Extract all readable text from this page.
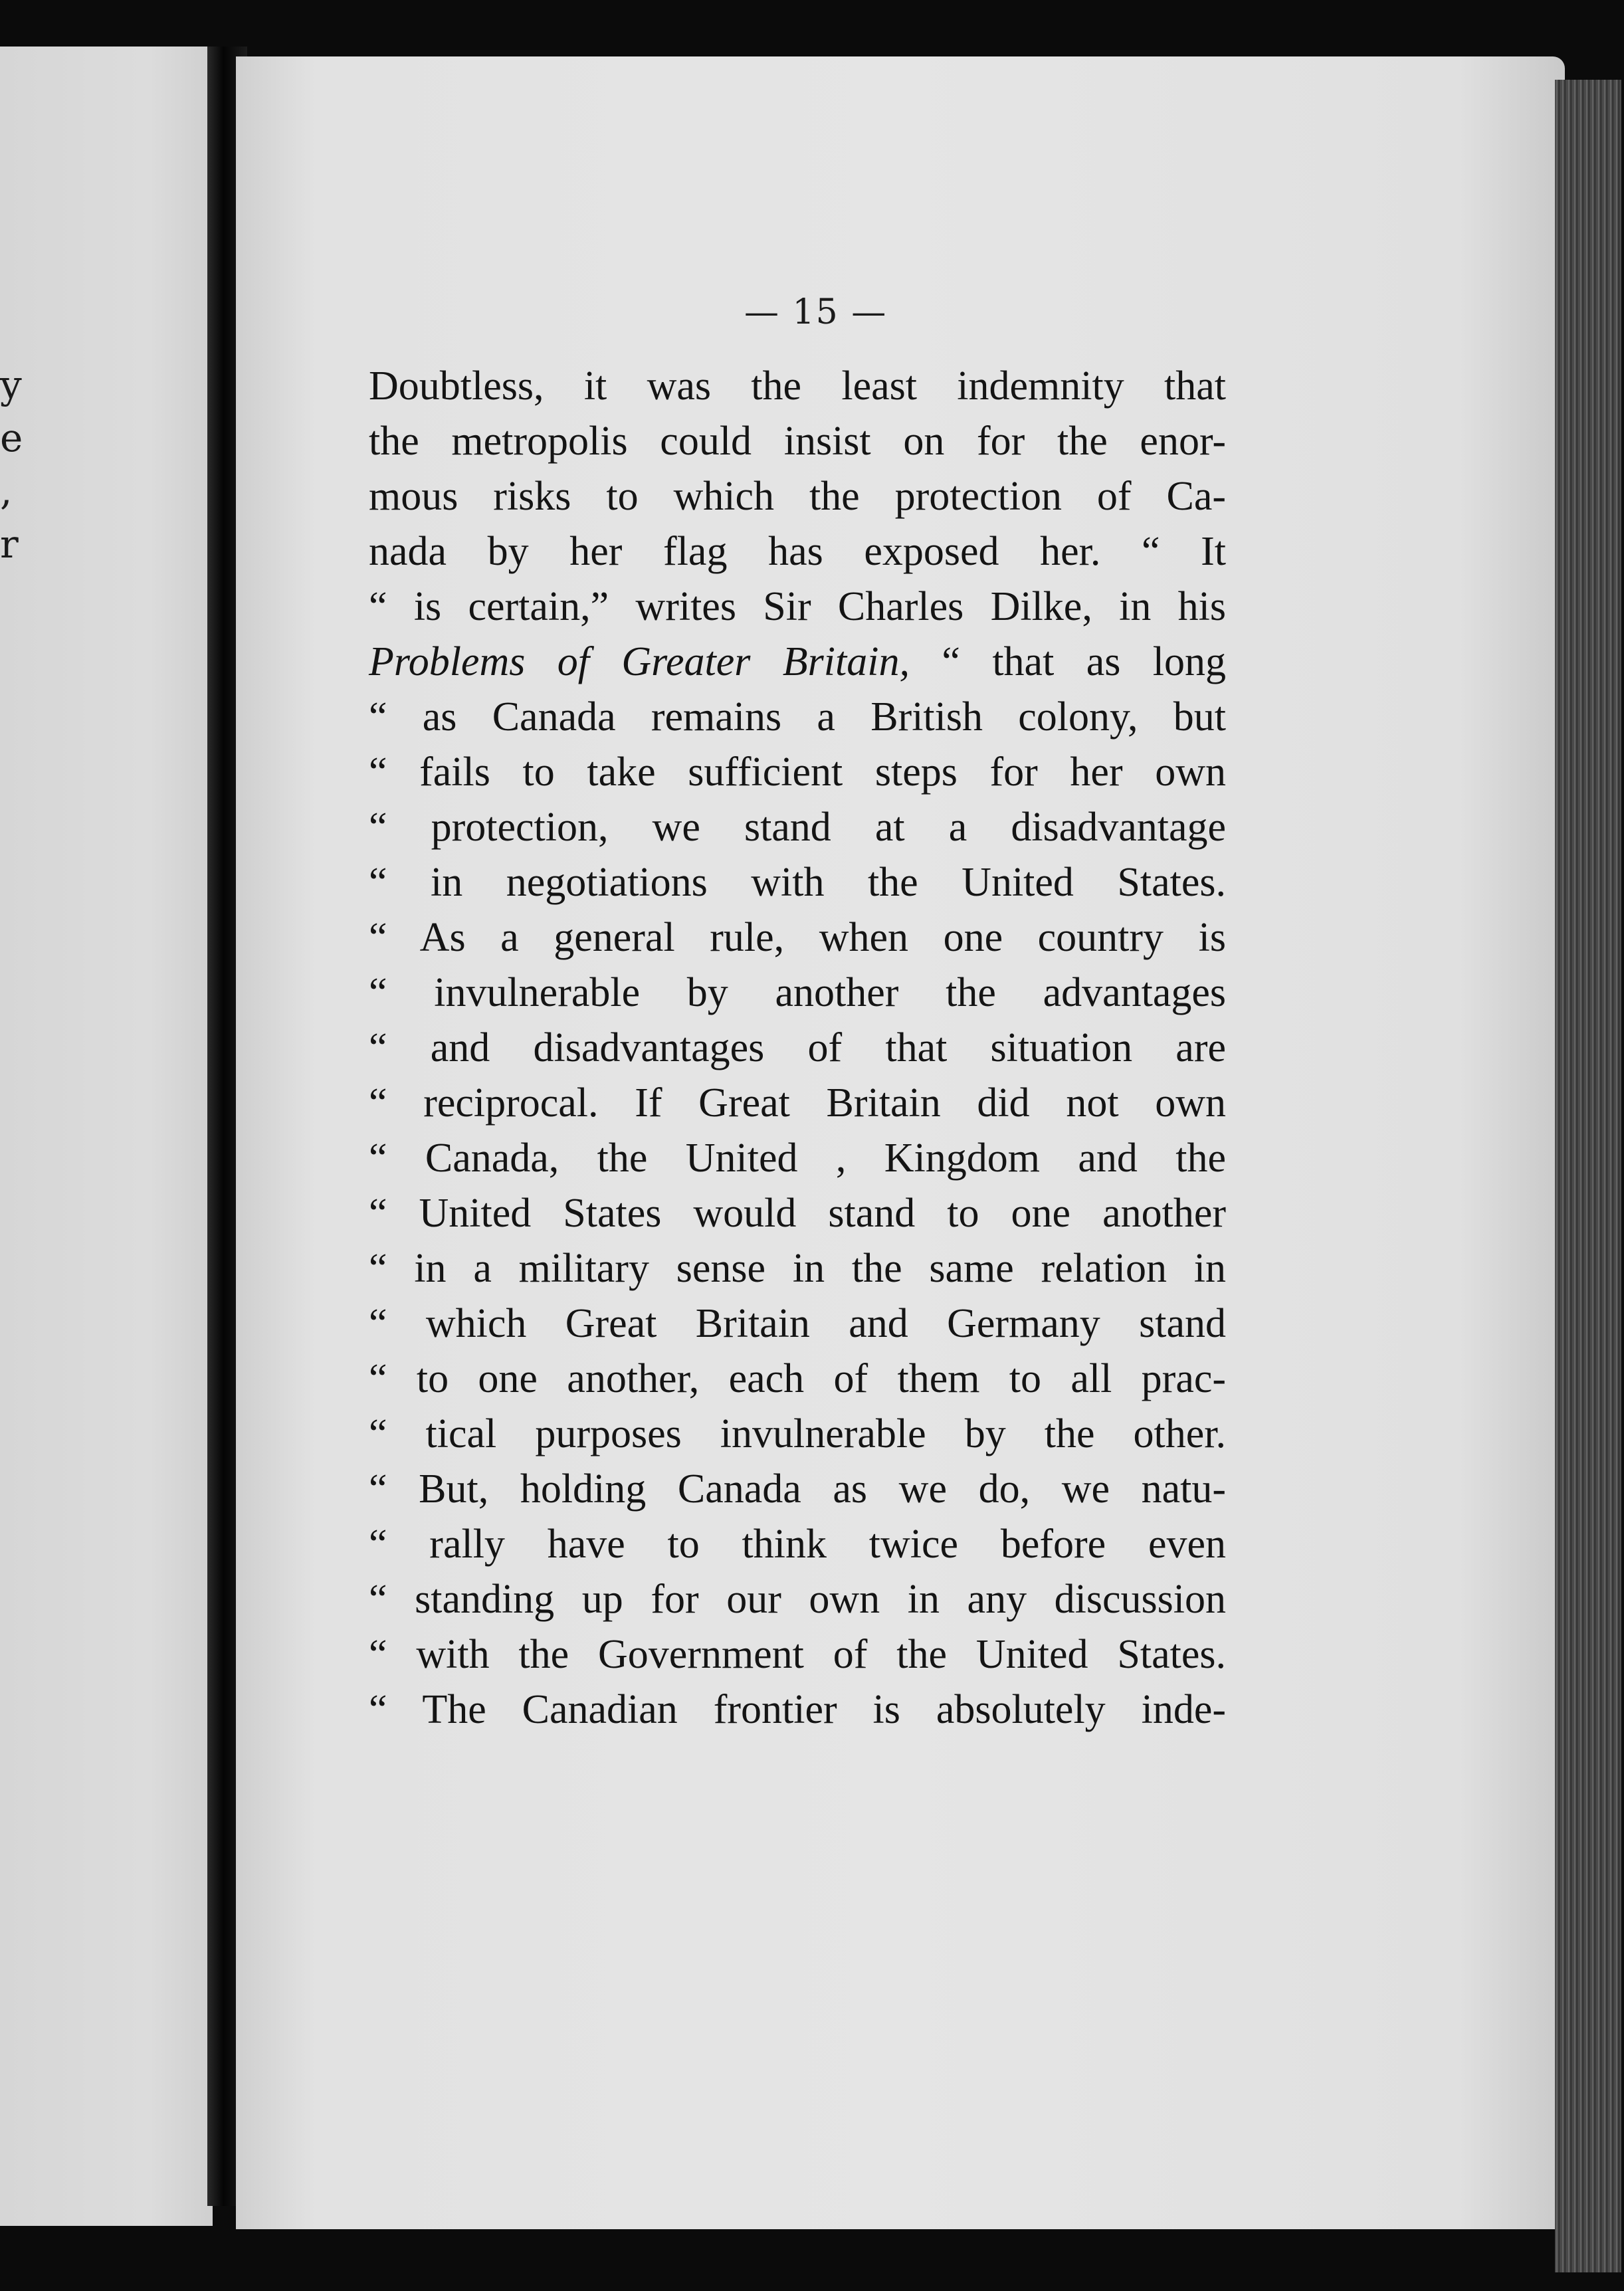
y
e
,
r
— 15 —
Doubtless, it was the least indemnity that
the metropolis could insist on for the enor-
mous risks to which the protection of Ca-
nada by her flag has exposed her. “ It
“ is certain,” writes Sir Charles Dilke, in his
Problems of Greater Britain, “ that as long
“ as Canada remains a British colony, but
“ fails to take sufficient steps for her own
“ protection, we stand at a disadvantage
“ in negotiations with the United States.
“ As a general rule, when one country is
“ invulnerable by another the advantages
“ and disadvantages of that situation are
“ reciprocal. If Great Britain did not own
“ Canada, the United , Kingdom and the
“ United States would stand to one another
“ in a military sense in the same relation in
“ which Great Britain and Germany stand
“ to one another, each of them to all prac-
“ tical purposes invulnerable by the other.
“ But, holding Canada as we do, we natu-
“ rally have to think twice before even
“ standing up for our own in any discussion
“ with the Government of the United States.
“ The Canadian frontier is absolutely inde-
